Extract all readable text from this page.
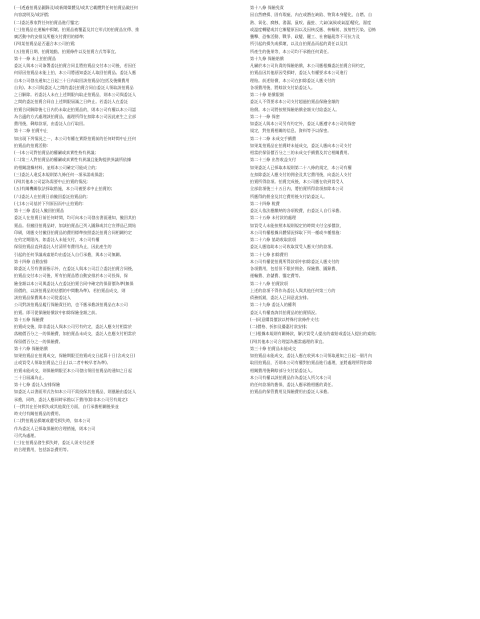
(一)透過拍賣品圖錄及/或新聞媒體及/或其它載體對任何拍賣品做任何

內容說明及/或評價;

(二)委託專家對任何拍賣品進行鑒定;

(三)拍賣品在運輸中損壞、拍賣品被覆蓋及其它形式的拍賣品宣傳、推

廣活動中的安排及所應支付費用的標準;

(四)某拍賣品是否適合本公司拍賣;

(五)拍賣日期、拍賣地點、拍賣條件以及拍賣方式等事宜。

第十一條 未上拍拍賣品

委託人與本公司簽署委託拍賣合同且將拍賣品交付本公司後，若因任

何原因拍賣品未能上拍，本公司將通知委託人取回拍賣品。委託人應

自本公司發出通知之日起三十日內取回該拍賣品(包括及後續費用

自負)。本公司與委託人之間的委託拍賣合同自委託人領取該拍賣品

之日解除。若委託人未在上述期限內取走拍賣品，則本公司與委託人

之間的委託拍賣合同自上述期限屆滿之日終止。若委託人在委託

拍賣合同解除後七日內仍未取走拍賣品的，則本公司有權以本公司認

為合適的方式處理該拍賣品，處理所得在扣除本公司因此產生之全部

費用後，剩餘款項，由委託人自行取回。

第十二條 拍賣中止

如出現下列情況之一，本公司有權在實際拍賣前的任何時間中止任何

拍賣品的拍賣活動:

(一)本公司對拍賣品的權屬或真實性持有異議;

(二)第三人對拍賣品的權屬或真實性有異議且能夠提供異議所依據

的相關證據材料，並經本公司確定可能成立的;

(三)委託人違反本規則第九條任何一項承諾或保證;

(四)其他本公司認為需要中止拍賣的情況;

(五)有關機關依法採取措施，本公司被要求中止拍賣的;

(六)委託人在拍賣日前撤回委託拍賣品的;

(七)本公司基於下列原因而中止拍賣的:

第十三條 委託人撤回拍賣品

委託人在拍賣日前任何時間，均可向本公司發出書面通知，撤回其拍

賣品。但撤回拍賣品時，如該拍賣品已列入圖錄或其它宣傳品已開始

印刷，則應支付撤回拍賣品的費用標準按照委託拍賣合同相關約定

在約定期限內，如委託人未能支付，本公司有權

保留拍賣品直到委託人付清所有費用為止，因此產生的

引起的任何爭議或索賠均由委託人自行承擔，與本公司無關。

第十四條 自動安排

除委託人另有書面指示外，在委託人與本公司訂立委託拍賣合同後，

拍賣品交付本公司後，所有拍賣品將自動安排於本公司投保，保

險金額以本公司與委託人在委託拍賣合同中確定的保留價為準(無保

留價的，以該拍賣品的估價的中間數為準)。若拍賣品成交，則

該拍賣品保費與本公司從委託人

公司對該拍賣品履行保險責任的，也不應承擔該拍賣品在本公司

拍賣。即可從保險賠償款中扣除保險金額之前。

第十五條 保險費

拍賣成交後，除非委託人與本公司另有約定，委託人應支付相當於

落槌價百分之一的保險費，如拍賣品未成交，委託人也應支付相當於

保留價百分之一的保險費。

第十六條 保險賠償

如果拍賣品在拍賣成交，保險期限至拍賣成交日起算十日(含成交日)

止或買受人領取拍賣品之日止(以二者中較早者為準)。

拍賣未能成交，則保險期限至本公司發出領回拍賣品的通知之日起

三十日屆滿為止。

第十七條 委託人安排保險

如委託人以書面形式告知本公司不需投保其拍賣品，則風險由委託人

承擔，同時，委託人應同時承擔以下費用(除非本公司另有規定):

(一)對其在任何損失或其他責任方面，自行承擔相關後果並

時支付有關拍賣品的費用。

(二)對拍賣品損壞或遭受損失時，如本公司

作為委託人已採取保險的合理措施，則本公司

可代為處理。

(三)在拍賣品發生損失時，委託人須支付必要

的合理費用，包括訴訟費用等。

第十八條 保險免責

因自然磨損、固有瑕疵、內在或潛在缺陷、物質本身變化、自燃、自

熱、氧化、腐蝕、滲漏、鼠咬、蟲蛀、大氣(氣候或氣溫)變化、濕度

或溫度轉變或其它漸變原因以及因核反應、核輻射、放射性污染、恐怖

襲擊、恐怖活動、戰爭、政變、罷工、社會騷亂等不可抗力及

所引起的損失或損壞，以及自拍賣品而起的責任以及其

所產生的後果等，本公司均不承擔任何責任。

第十九條 保險賠償

凡屬於本公司負責的保險賠償，本公司應根據委託拍賣合同約定，

拍賣品因其他原因受損時，委託人有權要求本公司進行

理賠。前述賠償，本公司在扣除委託人應支付的

各項費用後，將餘款支付給委託人。

第二十條 賠償限額

委託人不得要求本公司支付超過拍賣品保險金額的

賠償。本公司將按照保險賠償金額支付給委託人。

第二十一條 保密

如委託人與本公司另有約定外，委託人應遵守本公司的保密

規定，對拍賣相關的信息、資料等予以保密。

第二十二條 未成交手續費

如果某拍賣品在拍賣時未能成交，委託人應向本公司支付

相當於保留價百分之三的未成交手續費及其它相關費用。

第二十三條 出售收益支付

如果委託人已採取本規則第二十八條的規定，本公司有權

在扣除委託人應支付的佣金及其它費用後，向委託人支付

拍賣所得款項。拍賣完成後，本公司應在收到買受人

全部款項後三十五日內，將拍賣所得款項扣除本公司

所應得的佣金及其它費用後支付給委託人。

第二十四條 稅費

委託人依法應繳納的各項稅費，由委託人自行承擔。

第二十五條 未付款的處理

如買受人未能按照本規則規定的時間支付全部價款，

本公司有權根據具體情況採取下列一種或多種措施:

第二十六條 協助收取款項

委託人應協助本公司收取買受人應支付的款項。

第二十七條 扣除費用

本公司有權從拍賣所得款項中扣除委託人應支付的

各項費用，包括但不限於佣金、保險費、圖錄費、

運輸費、倉儲費、鑒定費等。

第二十八條 拍賣款項

上述的款項不得作為委託人與其他任何第三方的

債務抵銷，委託人已同意此安排。

第二十九條 委託人的權利

委託人有權查詢其拍賣品的拍賣情況。

(一)同意購買價款以特殊付款條件支付;

(二)價格、折扣及優惠付款安排;

(三)根據本規則有關條款，解決買受人提出的索賠或委託人提出的索賠;

(四)其他本公司合理認為應當處理的事宜。

第三十條 拍賣品未能成交

如拍賣品未能成交，委託人應在收到本公司領取通知之日起一個月內

取回拍賣品，否則本公司有權對拍賣品進行處理，並將處理所得扣除

相關費用後剩餘部分支付給委託人。

本公司有權以該拍賣品作為委託人所欠本公司

的任何款項的擔保，委託人應承擔相應的責任。

拍賣品的保管費用及保險費用由委託人承擔。
